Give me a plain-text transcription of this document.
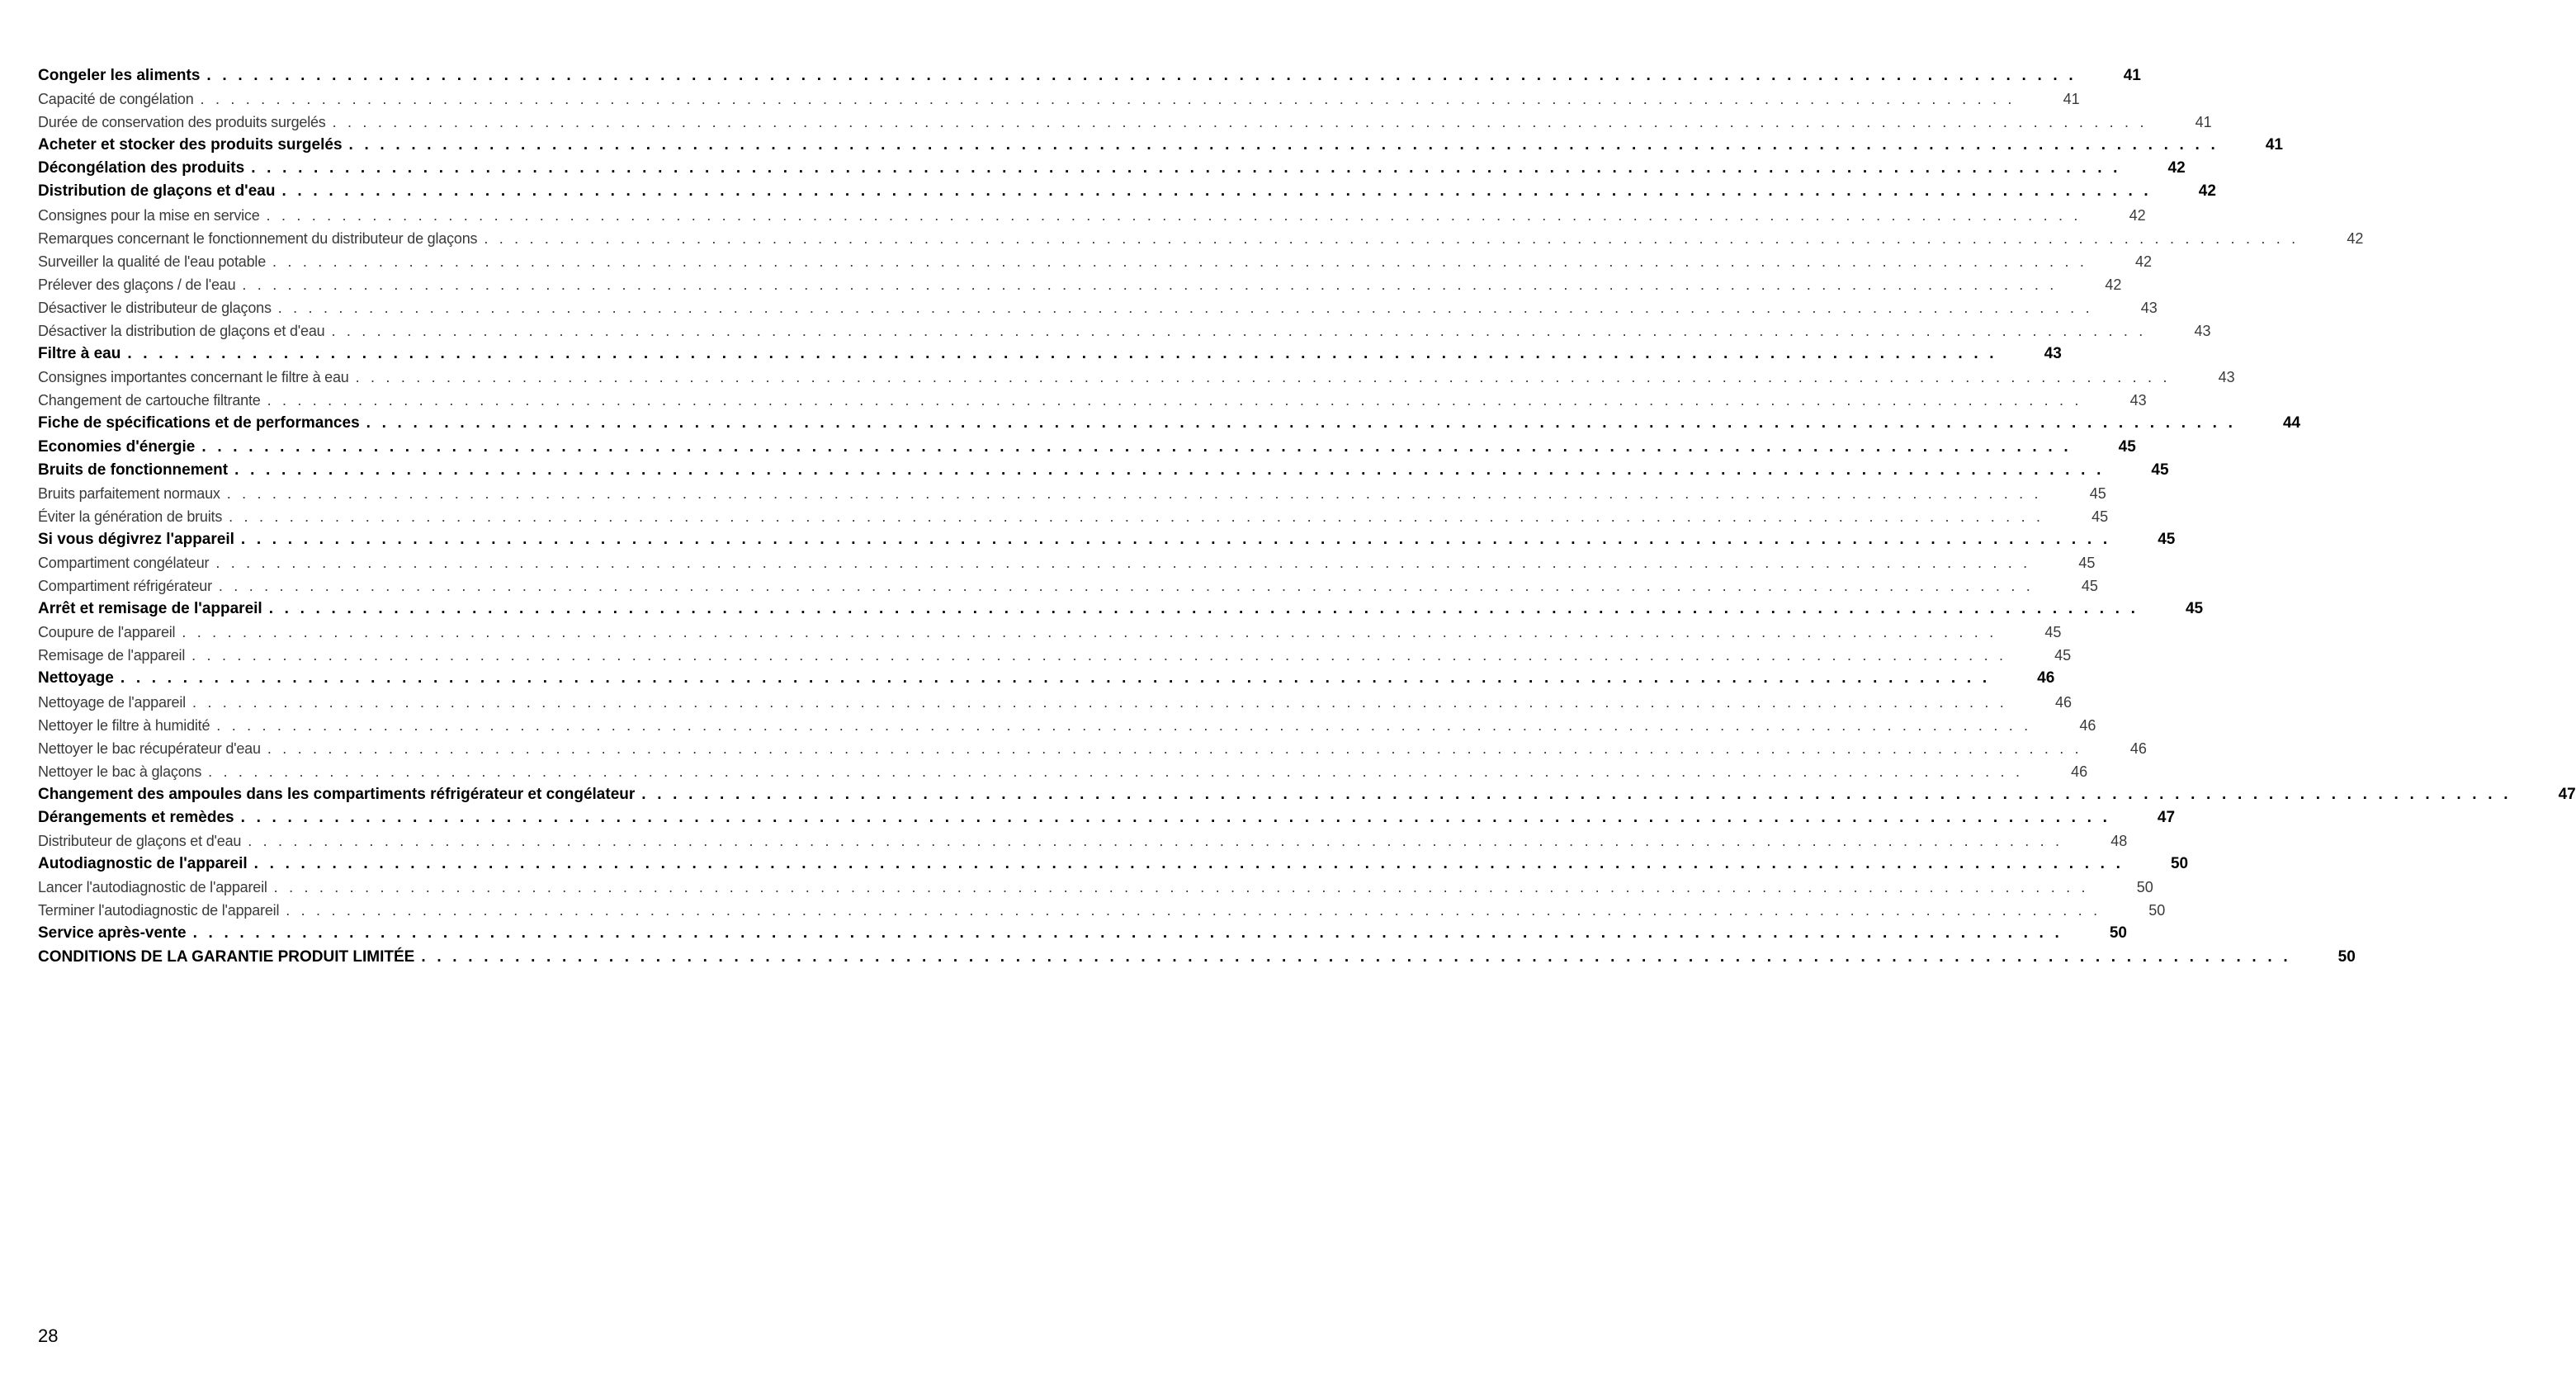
Congeler les aliments . . . . . . . . . . . . . . . . . . . . . . . . . . . . . . . . . . . . . . . . . . . . . . . . . . . . . . . . . . . . . . . . . . . . . . . . . . . . . . . . . . . . . . . . . . . . . . . . . . . . . . . . . . . . . . . . . . . . . . . .	41
Capacité de congélation . . . . . . . . . . . . . . . . . . . . . . . . . . . . . . . . . . . . . . . . . . . . . . . . . . . . . . . . . . . . . . . . . . . . . . . . . . . . . . . . . . . . . . . . . . . . . . . . . . . . . . . . . . . . . . . . . . . . . . . .	41
Durée de conservation des produits surgelés . . . . . . . . . . . . . . . . . . . . . . . . . . . . . . . . . . . . . . . . . . . . . . . . . . . . . . . . . . . . . . . . . . . . . . . . . . . . . . . . . . . . . . . . . . . . . . . . . . . . . . . . . . . . . . . . . . . . . . . .	41
Acheter et stocker des produits surgelés . . . . . . . . . . . . . . . . . . . . . . . . . . . . . . . . . . . . . . . . . . . . . . . . . . . . . . . . . . . . . . . . . . . . . . . . . . . . . . . . . . . . . . . . . . . . . . . . . . . . . . . . . . . . . . . . . . . . . . . .	41
Décongélation des produits . . . . . . . . . . . . . . . . . . . . . . . . . . . . . . . . . . . . . . . . . . . . . . . . . . . . . . . . . . . . . . . . . . . . . . . . . . . . . . . . . . . . . . . . . . . . . . . . . . . . . . . . . . . . . . . . . . . . . . . .	42
Distribution de glaçons et d'eau . . . . . . . . . . . . . . . . . . . . . . . . . . . . . . . . . . . . . . . . . . . . . . . . . . . . . . . . . . . . . . . . . . . . . . . . . . . . . . . . . . . . . . . . . . . . . . . . . . . . . . . . . . . . . . . . . . . . . . . .	42
Consignes pour la mise en service . . . . . . . . . . . . . . . . . . . . . . . . . . . . . . . . . . . . . . . . . . . . . . . . . . . . . . . . . . . . . . . . . . . . . . . . . . . . . . . . . . . . . . . . . . . . . . . . . . . . . . . . . . . . . . . . . . . . . . . .	42
Remarques concernant le fonctionnement du distributeur de glaçons . . . . . . . . . . . . . . . . . . . . . . . . . . . . . . . . . . . . . . . . . . . . . . . . . . . . . . . . . . . . . . . . . . . . . . . . . . . . . . . . . . . . . . . . . . . . . . . . . . . . . . . . . . . . . . . . . . . . . . . .	42
Surveiller la qualité de l'eau potable . . . . . . . . . . . . . . . . . . . . . . . . . . . . . . . . . . . . . . . . . . . . . . . . . . . . . . . . . . . . . . . . . . . . . . . . . . . . . . . . . . . . . . . . . . . . . . . . . . . . . . . . . . . . . . . . . . . . . . . .	42
Prélever des glaçons / de l'eau . . . . . . . . . . . . . . . . . . . . . . . . . . . . . . . . . . . . . . . . . . . . . . . . . . . . . . . . . . . . . . . . . . . . . . . . . . . . . . . . . . . . . . . . . . . . . . . . . . . . . . . . . . . . . . . . . . . . . . . .	42
Désactiver le distributeur de glaçons . . . . . . . . . . . . . . . . . . . . . . . . . . . . . . . . . . . . . . . . . . . . . . . . . . . . . . . . . . . . . . . . . . . . . . . . . . . . . . . . . . . . . . . . . . . . . . . . . . . . . . . . . . . . . . . . . . . . . . . .	43
Désactiver la distribution de glaçons et d'eau . . . . . . . . . . . . . . . . . . . . . . . . . . . . . . . . . . . . . . . . . . . . . . . . . . . . . . . . . . . . . . . . . . . . . . . . . . . . . . . . . . . . . . . . . . . . . . . . . . . . . . . . . . . . . . . . . . . . . . . .	43
Filtre à eau . . . . . . . . . . . . . . . . . . . . . . . . . . . . . . . . . . . . . . . . . . . . . . . . . . . . . . . . . . . . . . . . . . . . . . . . . . . . . . . . . . . . . . . . . . . . . . . . . . . . . . . . . . . . . . . . . . . . . . . .	43
Consignes importantes concernant le filtre à eau . . . . . . . . . . . . . . . . . . . . . . . . . . . . . . . . . . . . . . . . . . . . . . . . . . . . . . . . . . . . . . . . . . . . . . . . . . . . . . . . . . . . . . . . . . . . . . . . . . . . . . . . . . . . . . . . . . . . . . . .	43
Changement de cartouche filtrante . . . . . . . . . . . . . . . . . . . . . . . . . . . . . . . . . . . . . . . . . . . . . . . . . . . . . . . . . . . . . . . . . . . . . . . . . . . . . . . . . . . . . . . . . . . . . . . . . . . . . . . . . . . . . . . . . . . . . . . .	43
Fiche de spécifications et de performances . . . . . . . . . . . . . . . . . . . . . . . . . . . . . . . . . . . . . . . . . . . . . . . . . . . . . . . . . . . . . . . . . . . . . . . . . . . . . . . . . . . . . . . . . . . . . . . . . . . . . . . . . . . . . . . . . . . . . . . .	44
Economies d'énergie . . . . . . . . . . . . . . . . . . . . . . . . . . . . . . . . . . . . . . . . . . . . . . . . . . . . . . . . . . . . . . . . . . . . . . . . . . . . . . . . . . . . . . . . . . . . . . . . . . . . . . . . . . . . . . . . . . . . . . . .	45
Bruits de fonctionnement . . . . . . . . . . . . . . . . . . . . . . . . . . . . . . . . . . . . . . . . . . . . . . . . . . . . . . . . . . . . . . . . . . . . . . . . . . . . . . . . . . . . . . . . . . . . . . . . . . . . . . . . . . . . . . . . . . . . . . . .	45
Bruits parfaitement normaux . . . . . . . . . . . . . . . . . . . . . . . . . . . . . . . . . . . . . . . . . . . . . . . . . . . . . . . . . . . . . . . . . . . . . . . . . . . . . . . . . . . . . . . . . . . . . . . . . . . . . . . . . . . . . . . . . . . . . . . .	45
Éviter la génération de bruits . . . . . . . . . . . . . . . . . . . . . . . . . . . . . . . . . . . . . . . . . . . . . . . . . . . . . . . . . . . . . . . . . . . . . . . . . . . . . . . . . . . . . . . . . . . . . . . . . . . . . . . . . . . . . . . . . . . . . . . .	45
Si vous dégivrez l'appareil . . . . . . . . . . . . . . . . . . . . . . . . . . . . . . . . . . . . . . . . . . . . . . . . . . . . . . . . . . . . . . . . . . . . . . . . . . . . . . . . . . . . . . . . . . . . . . . . . . . . . . . . . . . . . . . . . . . . . . . .	45
Compartiment congélateur . . . . . . . . . . . . . . . . . . . . . . . . . . . . . . . . . . . . . . . . . . . . . . . . . . . . . . . . . . . . . . . . . . . . . . . . . . . . . . . . . . . . . . . . . . . . . . . . . . . . . . . . . . . . . . . . . . . . . . . .	45
Compartiment réfrigérateur . . . . . . . . . . . . . . . . . . . . . . . . . . . . . . . . . . . . . . . . . . . . . . . . . . . . . . . . . . . . . . . . . . . . . . . . . . . . . . . . . . . . . . . . . . . . . . . . . . . . . . . . . . . . . . . . . . . . . . . .	45
Arrêt et remisage de l'appareil . . . . . . . . . . . . . . . . . . . . . . . . . . . . . . . . . . . . . . . . . . . . . . . . . . . . . . . . . . . . . . . . . . . . . . . . . . . . . . . . . . . . . . . . . . . . . . . . . . . . . . . . . . . . . . . . . . . . . . . .	45
Coupure de l'appareil . . . . . . . . . . . . . . . . . . . . . . . . . . . . . . . . . . . . . . . . . . . . . . . . . . . . . . . . . . . . . . . . . . . . . . . . . . . . . . . . . . . . . . . . . . . . . . . . . . . . . . . . . . . . . . . . . . . . . . . .	45
Remisage de l'appareil . . . . . . . . . . . . . . . . . . . . . . . . . . . . . . . . . . . . . . . . . . . . . . . . . . . . . . . . . . . . . . . . . . . . . . . . . . . . . . . . . . . . . . . . . . . . . . . . . . . . . . . . . . . . . . . . . . . . . . . .	45
Nettoyage . . . . . . . . . . . . . . . . . . . . . . . . . . . . . . . . . . . . . . . . . . . . . . . . . . . . . . . . . . . . . . . . . . . . . . . . . . . . . . . . . . . . . . . . . . . . . . . . . . . . . . . . . . . . . . . . . . . . . . . .	46
Nettoyage de l'appareil . . . . . . . . . . . . . . . . . . . . . . . . . . . . . . . . . . . . . . . . . . . . . . . . . . . . . . . . . . . . . . . . . . . . . . . . . . . . . . . . . . . . . . . . . . . . . . . . . . . . . . . . . . . . . . . . . . . . . . . .	46
Nettoyer le filtre à humidité . . . . . . . . . . . . . . . . . . . . . . . . . . . . . . . . . . . . . . . . . . . . . . . . . . . . . . . . . . . . . . . . . . . . . . . . . . . . . . . . . . . . . . . . . . . . . . . . . . . . . . . . . . . . . . . . . . . . . . . .	46
Nettoyer le bac récupérateur d'eau . . . . . . . . . . . . . . . . . . . . . . . . . . . . . . . . . . . . . . . . . . . . . . . . . . . . . . . . . . . . . . . . . . . . . . . . . . . . . . . . . . . . . . . . . . . . . . . . . . . . . . . . . . . . . . . . . . . . . . . .	46
Nettoyer le bac à glaçons . . . . . . . . . . . . . . . . . . . . . . . . . . . . . . . . . . . . . . . . . . . . . . . . . . . . . . . . . . . . . . . . . . . . . . . . . . . . . . . . . . . . . . . . . . . . . . . . . . . . . . . . . . . . . . . . . . . . . . . .	46
Changement des ampoules dans les compartiments réfrigérateur et congélateur . . . . . . . . . . . . . . . . . . . . . . . . . . . . . . . . . . . . . . . . . . . . . . . . . . . . . . . . . . . . . . . . . . . . . . . . . . . . . . . . . . . . . . . . . . . . . . . . . . . . . . . . . . . . . . . . . . . . . . . .	47
Dérangements et remèdes . . . . . . . . . . . . . . . . . . . . . . . . . . . . . . . . . . . . . . . . . . . . . . . . . . . . . . . . . . . . . . . . . . . . . . . . . . . . . . . . . . . . . . . . . . . . . . . . . . . . . . . . . . . . . . . . . . . . . . . .	47
Distributeur de glaçons et d'eau . . . . . . . . . . . . . . . . . . . . . . . . . . . . . . . . . . . . . . . . . . . . . . . . . . . . . . . . . . . . . . . . . . . . . . . . . . . . . . . . . . . . . . . . . . . . . . . . . . . . . . . . . . . . . . . . . . . . . . . .	48
Autodiagnostic de l'appareil . . . . . . . . . . . . . . . . . . . . . . . . . . . . . . . . . . . . . . . . . . . . . . . . . . . . . . . . . . . . . . . . . . . . . . . . . . . . . . . . . . . . . . . . . . . . . . . . . . . . . . . . . . . . . . . . . . . . . . . .	50
Lancer l'autodiagnostic de l'appareil . . . . . . . . . . . . . . . . . . . . . . . . . . . . . . . . . . . . . . . . . . . . . . . . . . . . . . . . . . . . . . . . . . . . . . . . . . . . . . . . . . . . . . . . . . . . . . . . . . . . . . . . . . . . . . . . . . . . . . . .	50
Terminer l'autodiagnostic de l'appareil . . . . . . . . . . . . . . . . . . . . . . . . . . . . . . . . . . . . . . . . . . . . . . . . . . . . . . . . . . . . . . . . . . . . . . . . . . . . . . . . . . . . . . . . . . . . . . . . . . . . . . . . . . . . . . . . . . . . . . . .	50
Service après-vente . . . . . . . . . . . . . . . . . . . . . . . . . . . . . . . . . . . . . . . . . . . . . . . . . . . . . . . . . . . . . . . . . . . . . . . . . . . . . . . . . . . . . . . . . . . . . . . . . . . . . . . . . . . . . . . . . . . . . . . .	50
CONDITIONS DE LA GARANTIE PRODUIT LIMITÉE . . . . . . . . . . . . . . . . . . . . . . . . . . . . . . . . . . . . . . . . . . . . . . . . . . . . . . . . . . . . . . . . . . . . . . . . . . . . . . . . . . . . . . . . . . . . . . . . . . . . . . . . . . . . . . . . . . . . . . . .	50
28
